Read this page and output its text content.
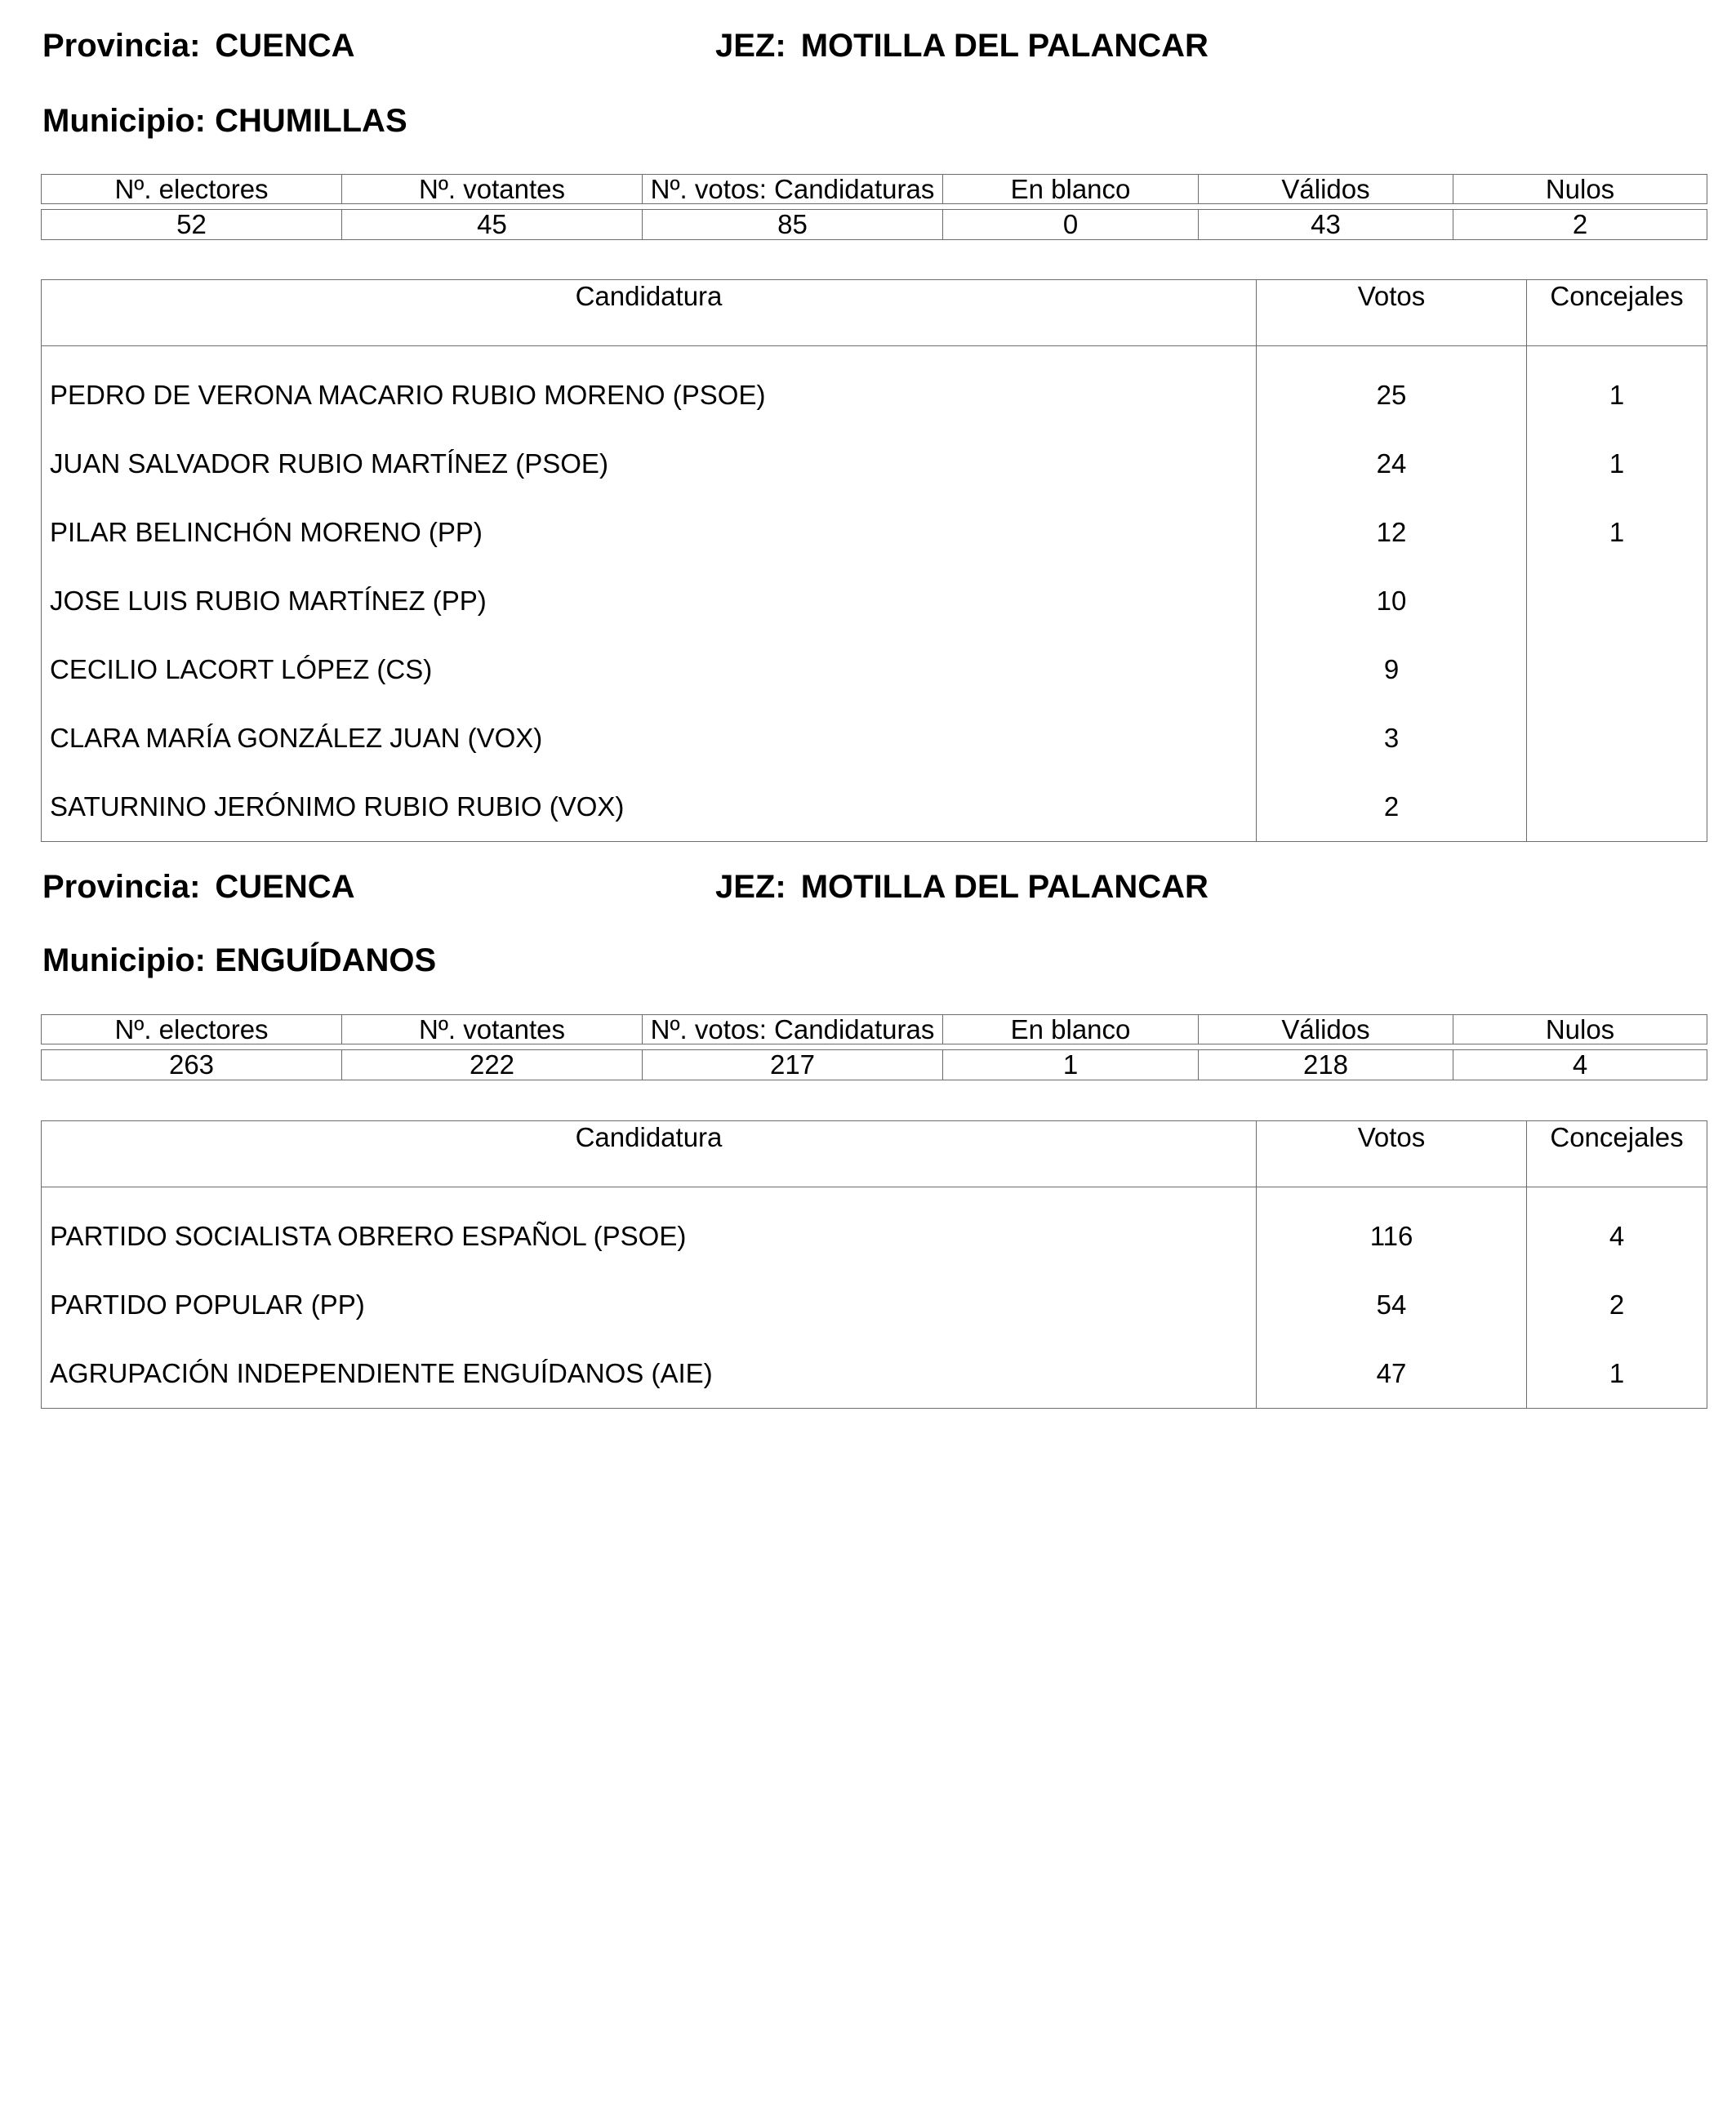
Provincia: CUENCA	JEZ: MOTILLA DEL PALANCAR
Municipio: CHUMILLAS
Nº. electores	Nº. votantes	Nº. votos: Candidaturas	En blanco	Válidos	Nulos

52	45	85	0	43	2
Candidatura	Votos	Concejales
PEDRO DE VERONA MACARIO RUBIO MORENO (PSOE)	25	1
JUAN SALVADOR RUBIO MARTÍNEZ (PSOE)	24	1
PILAR BELINCHÓN MORENO (PP)	12	1
JOSE LUIS RUBIO MARTÍNEZ (PP)	10	
CECILIO LACORT LÓPEZ (CS)	9	
CLARA MARÍA GONZÁLEZ JUAN (VOX)	3	
SATURNINO JERÓNIMO RUBIO RUBIO (VOX)	2	
Provincia: CUENCA	JEZ: MOTILLA DEL PALANCAR
Municipio: ENGUÍDANOS
Nº. electores	Nº. votantes	Nº. votos: Candidaturas	En blanco	Válidos	Nulos

263	222	217	1	218	4
Candidatura	Votos	Concejales
PARTIDO SOCIALISTA OBRERO ESPAÑOL (PSOE)	116	4
PARTIDO POPULAR (PP)	54	2
AGRUPACIÓN INDEPENDIENTE ENGUÍDANOS (AIE)	47	1
